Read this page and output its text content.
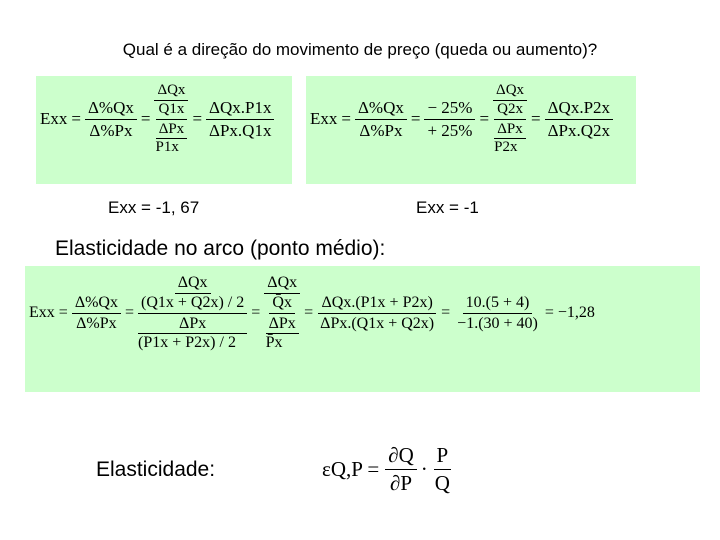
Qual é a direção do movimento de preço (queda ou aumento)?
Exx = $\frac{\Delta\%Qx}{\Delta\%Px} = \Delta Qx$
$\frac{Q1x}{\text{ΔPx}}$
$P1x = \frac{\text{ΔQx.P1x}}{\text{ΔPx.Q1x}}$ Exx = $\frac{\Delta\%Qx}{\Delta\%Px} = \frac{- 25\%}{+ 25\%} = \Delta Qx$
$\frac{Q2x}{\text{ΔPx}}$
$P2x = \frac{\text{ΔQx.P2x}}{\text{ΔPx.Q2x}}$
Exx = -1, 67	Exx = -1
Elasticidade no arco (ponto médio):
Exx = $\frac{\Delta\%Qx}{\Delta\%Px} = \Delta Qx$
$\frac{(Q1x + Q2x) / 2}{\text{ΔPx}}$
(P1x + P2x) / 2 = ΔQx
$\frac{Q̄x}{\text{ΔPx}}$
P̄x = $\frac{\text{ΔQx.(P1x + P2x)}}{\text{ΔPx.(Q1x + Q2x)}} = \frac{10.(5 + 4)}{-1.(30 + 40)} = -1,28$
Elasticidade:	$\varepsilon Q,P = \frac{\partial Q}{\partial P} \cdot \frac{P}{Q}$
